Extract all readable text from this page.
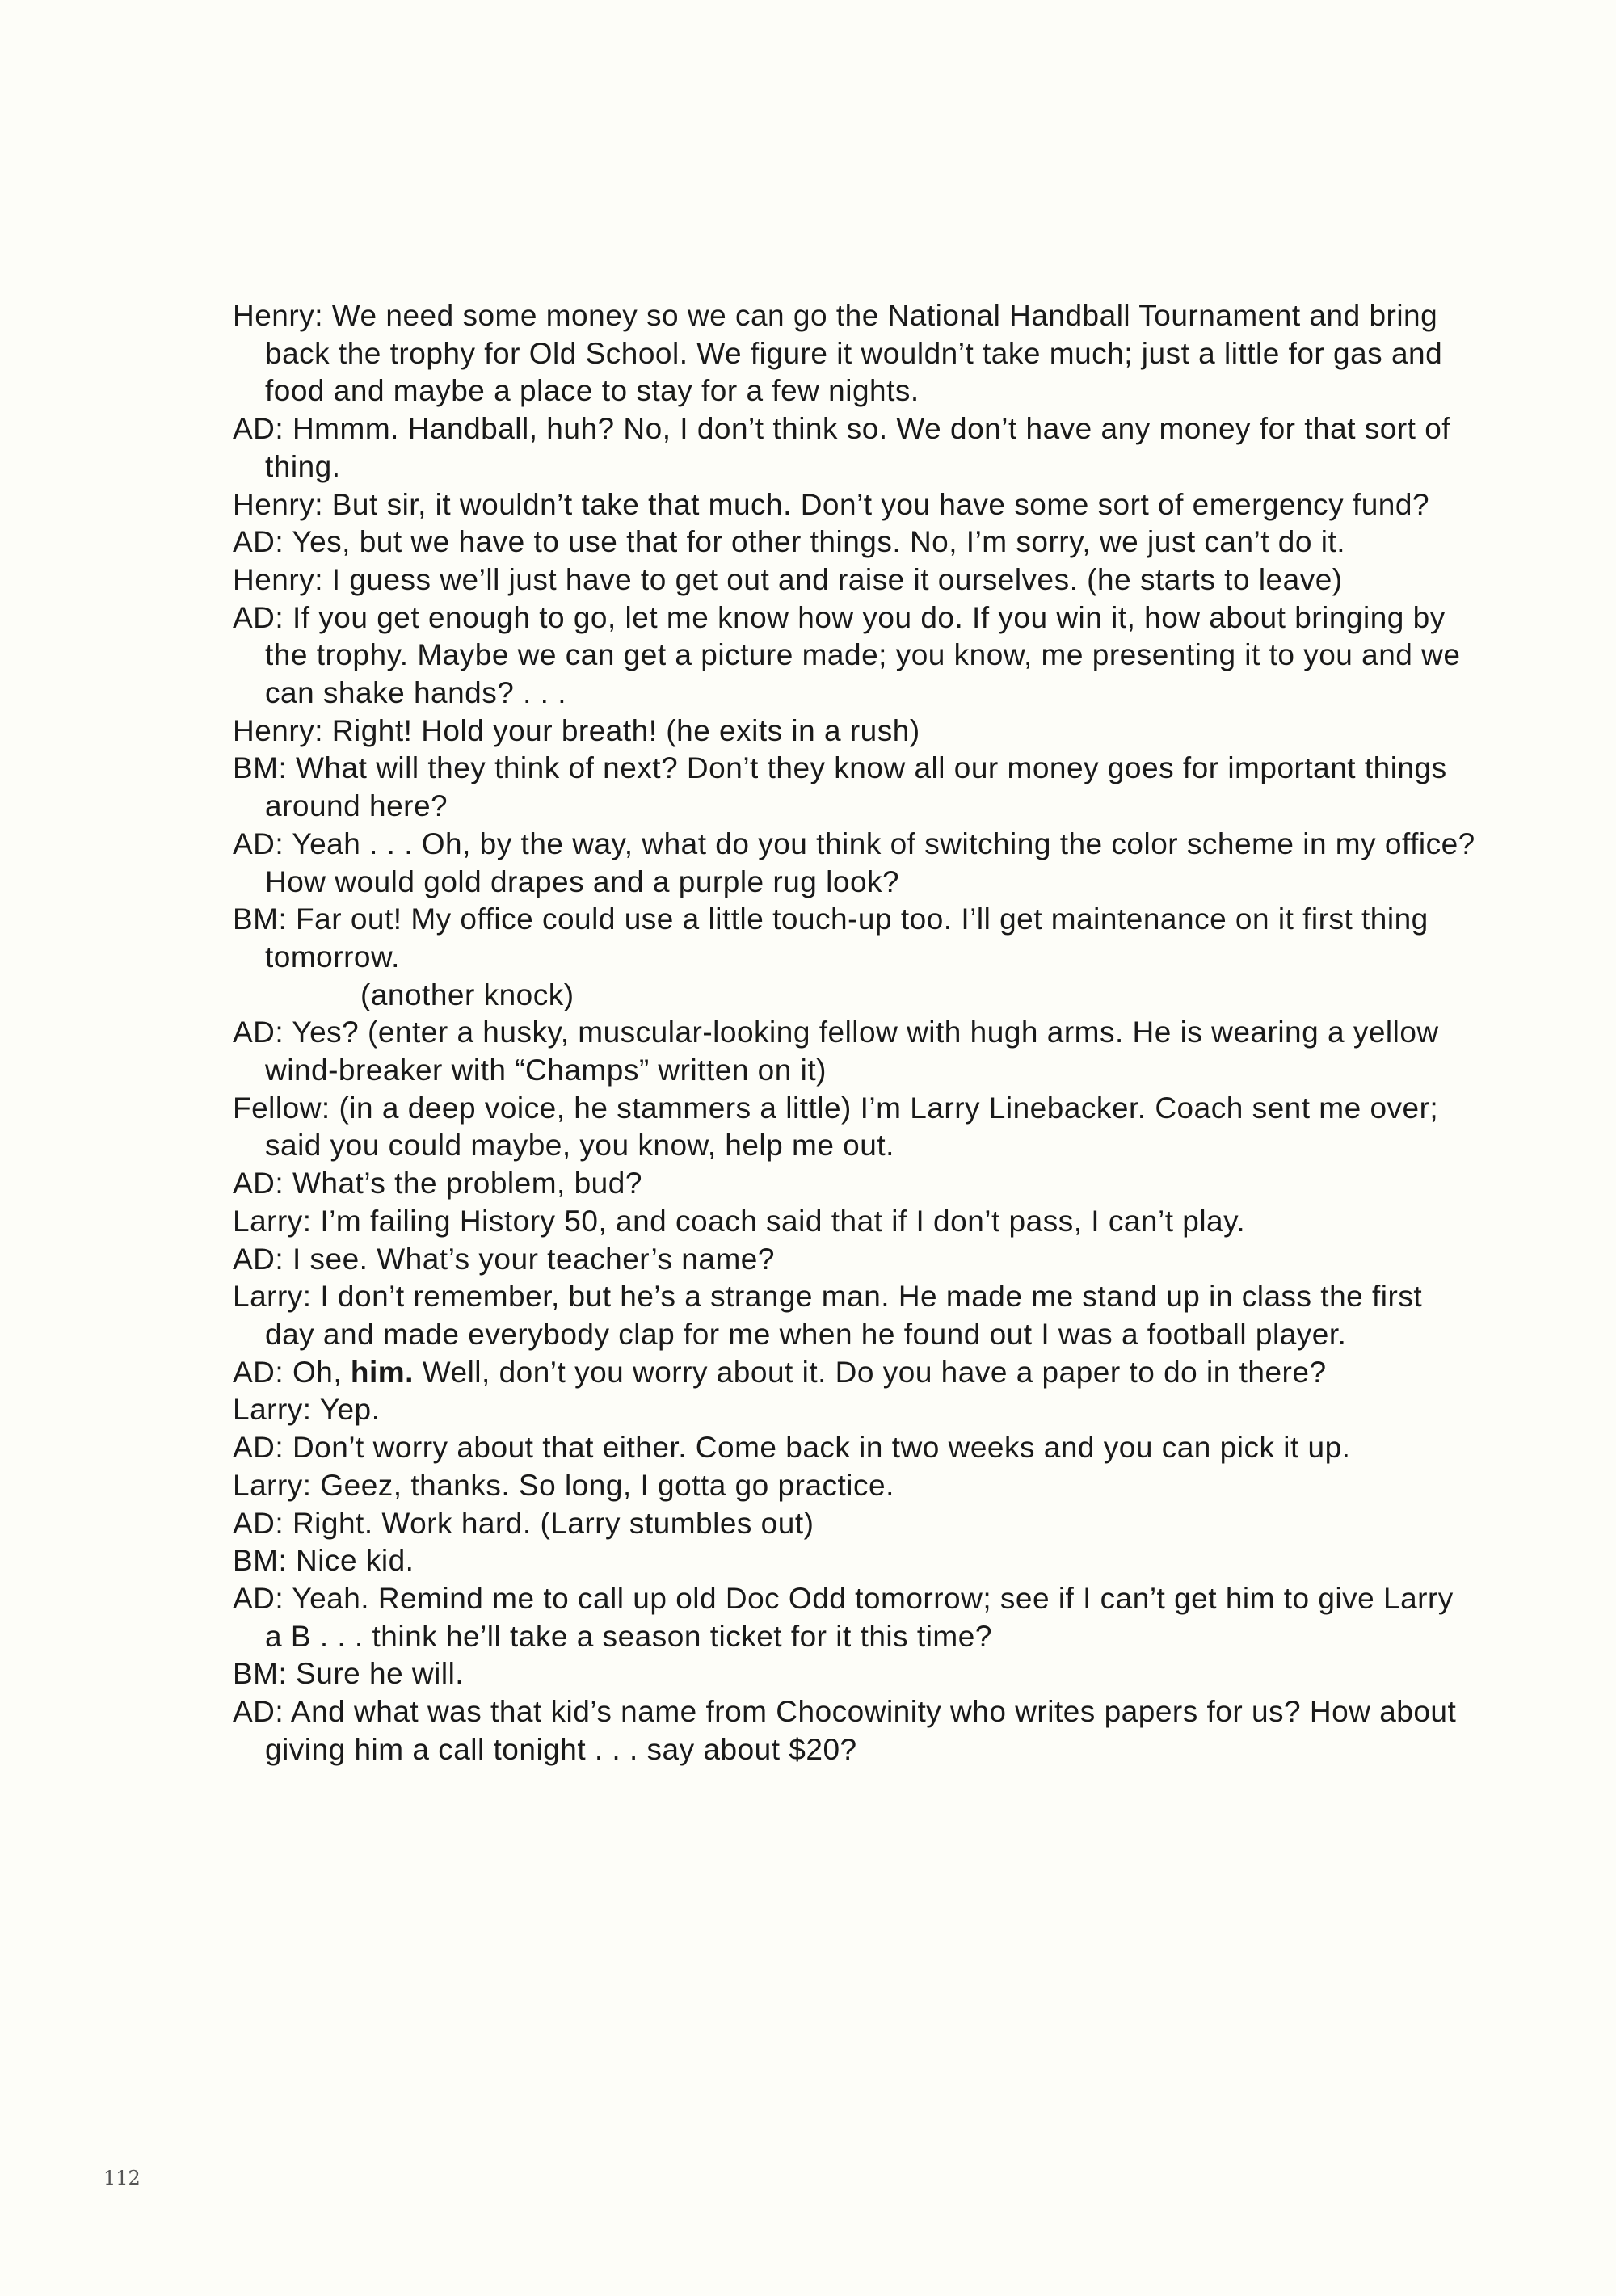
Henry: We need some money so we can go the National Handball Tournament and bring back the trophy for Old School. We figure it wouldn’t take much; just a little for gas and food and maybe a place to stay for a few nights.

AD: Hmmm. Handball, huh? No, I don’t think so. We don’t have any money for that sort of thing.

Henry: But sir, it wouldn’t take that much. Don’t you have some sort of emergency fund?

AD: Yes, but we have to use that for other things. No, I’m sorry, we just can’t do it.

Henry: I guess we’ll just have to get out and raise it ourselves. (he starts to leave)

AD: If you get enough to go, let me know how you do. If you win it, how about bringing by the trophy. Maybe we can get a picture made; you know, me presenting it to you and we can shake hands? . . .

Henry: Right! Hold your breath! (he exits in a rush)

BM: What will they think of next? Don’t they know all our money goes for important things around here?

AD: Yeah . . . Oh, by the way, what do you think of switching the color scheme in my office? How would gold drapes and a purple rug look?

BM: Far out! My office could use a little touch-up too. I’ll get maintenance on it first thing tomorrow.

(another knock)

AD: Yes? (enter a husky, muscular-looking fellow with hugh arms. He is wearing a yellow wind-breaker with “Champs” written on it)

Fellow: (in a deep voice, he stammers a little) I’m Larry Linebacker. Coach sent me over; said you could maybe, you know, help me out.

AD: What’s the problem, bud?

Larry: I’m failing History 50, and coach said that if I don’t pass, I can’t play.

AD: I see. What’s your teacher’s name?

Larry: I don’t remember, but he’s a strange man. He made me stand up in class the first day and made everybody clap for me when he found out I was a football player.

AD: Oh, him. Well, don’t you worry about it. Do you have a paper to do in there?

Larry: Yep.

AD: Don’t worry about that either. Come back in two weeks and you can pick it up.

Larry: Geez, thanks. So long, I gotta go practice.

AD: Right. Work hard. (Larry stumbles out)

BM: Nice kid.

AD: Yeah. Remind me to call up old Doc Odd tomorrow; see if I can’t get him to give Larry a B . . . think he’ll take a season ticket for it this time?

BM: Sure he will.

AD: And what was that kid’s name from Chocowinity who writes papers for us? How about giving him a call tonight . . . say about $20?

112
